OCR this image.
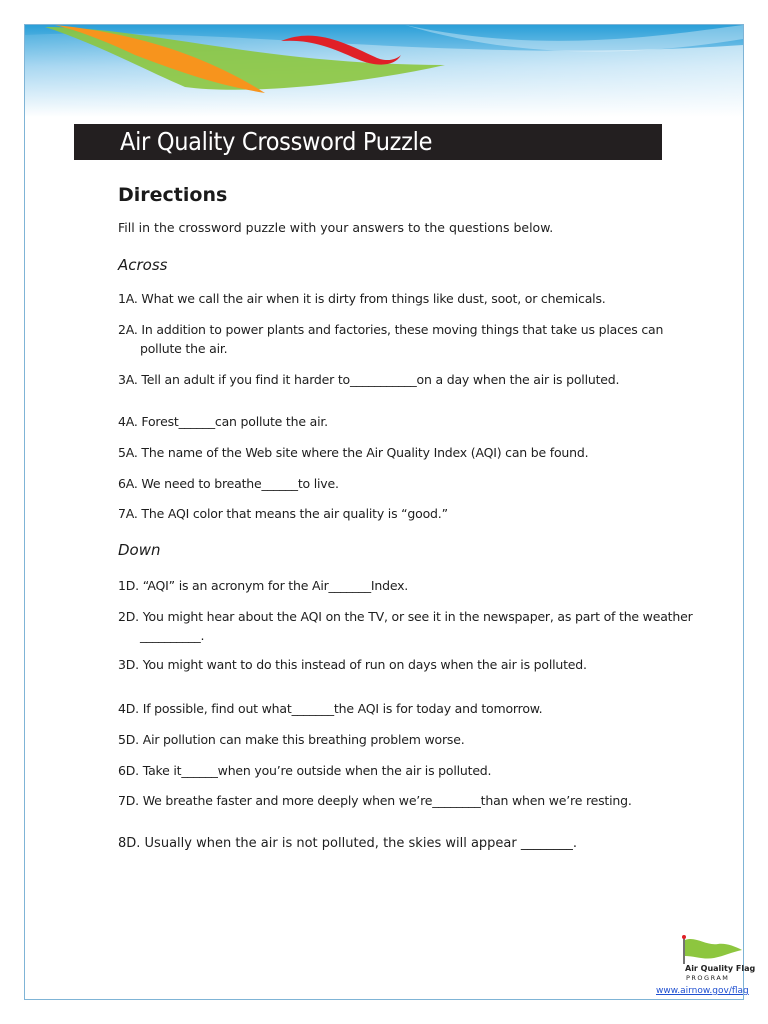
Air Quality Crossword Puzzle
Directions
Fill in the crossword puzzle with your answers to the questions below.
Across
1A. What we call the air when it is dirty from things like dust, soot, or chemicals.
2A. In addition to power plants and factories, these moving things that take us places can pollute the air.
3A. Tell an adult if you find it harder to___________on a day when the air is polluted.
4A. Forest______can pollute the air.
5A. The name of the Web site where the Air Quality Index (AQI) can be found.
6A. We need to breathe______to live.
7A. The AQI color that means the air quality is “good.”
Down
1D. “AQI” is an acronym for the Air_______Index.
2D. You might hear about the AQI on the TV, or see it in the newspaper, as part of the weather __________.
3D. You might want to do this instead of run on days when the air is polluted.
4D. If possible, find out what_______the AQI is for today and tomorrow.
5D. Air pollution can make this breathing problem worse.
6D. Take it______when you’re outside when the air is polluted.
7D. We breathe faster and more deeply when we’re________than when we’re resting.
8D. Usually when the air is not polluted, the skies will appear ________.
Air Quality Flag
PROGRAM
www.airnow.gov/flag
